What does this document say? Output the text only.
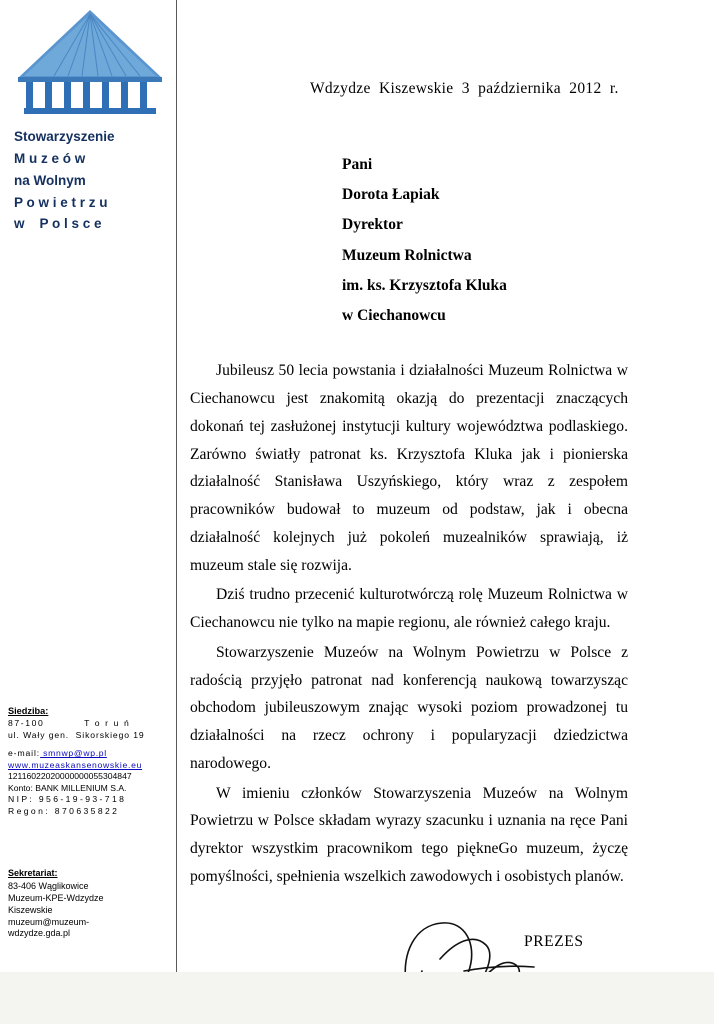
Stowarzyszenie
M u z e ó w
na Wolnym
P o w i e t r z u
w    P o l s c e
Siedziba:
87-100          T o r u ń
ul. Wały gen.  Sikorskiego 19
e-mail: smnwp@wp.pl
www.muzeaskansenowskie.eu
12116022020000000055304847
Konto: BANK MILLENIUM S.A.
N I P :   9 5 6 - 1 9 - 9 3 - 7 1 8
R e g o n :   8 7 0 6 3 5 8 2 2
Sekretariat:
83-406 Wąglikowice
Muzeum-KPE-Wdzydze
Kiszewskie
muzeum@muzeum-
wdzydze.gda.pl
Wdzydze  Kiszewskie  3  października  2012  r.
Pani
Dorota Łapiak
Dyrektor
Muzeum Rolnictwa
im. ks. Krzysztofa Kluka
w Ciechanowcu

Jubileusz 50 lecia powstania i działalności Muzeum Rolnictwa w Ciechanowcu jest znakomitą okazją do prezentacji znaczących dokonań tej zasłużonej instytucji kultury województwa podlaskiego. Zarówno światły patronat ks. Krzysztofa Kluka jak i pionierska działalność Stanisława Uszyńskiego, który wraz z zespołem pracowników budował to muzeum od podstaw, jak i obecna działalność kolejnych już pokoleń muzealników sprawiają, iż muzeum stale się rozwija.

Dziś trudno przecenić kulturotwórczą rolę Muzeum Rolnictwa w Ciechanowcu nie tylko na mapie regionu, ale również całego kraju.

Stowarzyszenie Muzeów na Wolnym Powietrzu w Polsce z radością przyjęło patronat nad konferencją naukową towarzysząc obchodom jubileuszowym znając wysoki poziom prowadzonej tu działalności na rzecz ochrony i popularyzacji dziedzictwa narodowego.

W imieniu członków Stowarzyszenia Muzeów na Wolnym Powietrzu w Polsce składam wyrazy szacunku i uznania na ręce Pani dyrektor wszystkim pracownikom tego piękneGo muzeum, życzę pomyślności, spełnienia wszelkich zawodowych i osobistych planów.

PREZES
